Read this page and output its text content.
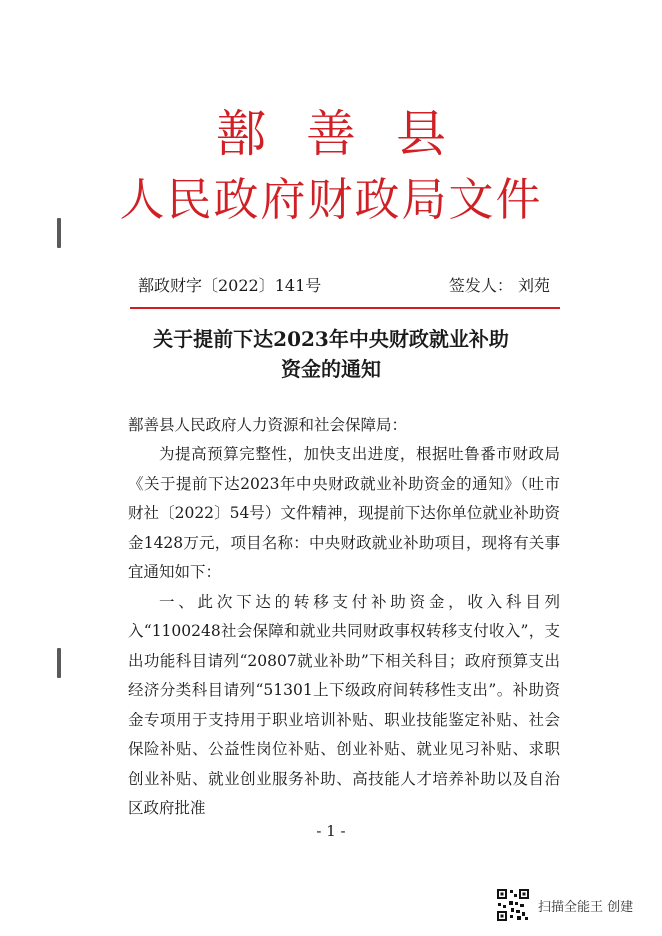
鄯善县
人民政府财政局文件
鄯政财字〔2022〕141号	签发人： 刘苑
关于提前下达2023年中央财政就业补助
资金的通知

鄯善县人民政府人力资源和社会保障局：

为提高预算完整性，加快支出进度，根据吐鲁番市财政局《关于提前下达2023年中央财政就业补助资金的通知》（吐市财社〔2022〕54号）文件精神，现提前下达你单位就业补助资金1428万元，项目名称：中央财政就业补助项目，现将有关事宜通知如下：

一、此次下达的转移支付补助资金，收入科目列入“1100248社会保障和就业共同财政事权转移支付收入”，支出功能科目请列“20807就业补助”下相关科目；政府预算支出经济分类科目请列“51301上下级政府间转移性支出”。补助资金专项用于支持用于职业培训补贴、职业技能鉴定补贴、社会保险补贴、公益性岗位补贴、创业补贴、就业见习补贴、求职创业补贴、就业创业服务补助、高技能人才培养补助以及自治区政府批准

- 1 -
扫描全能王 创建
